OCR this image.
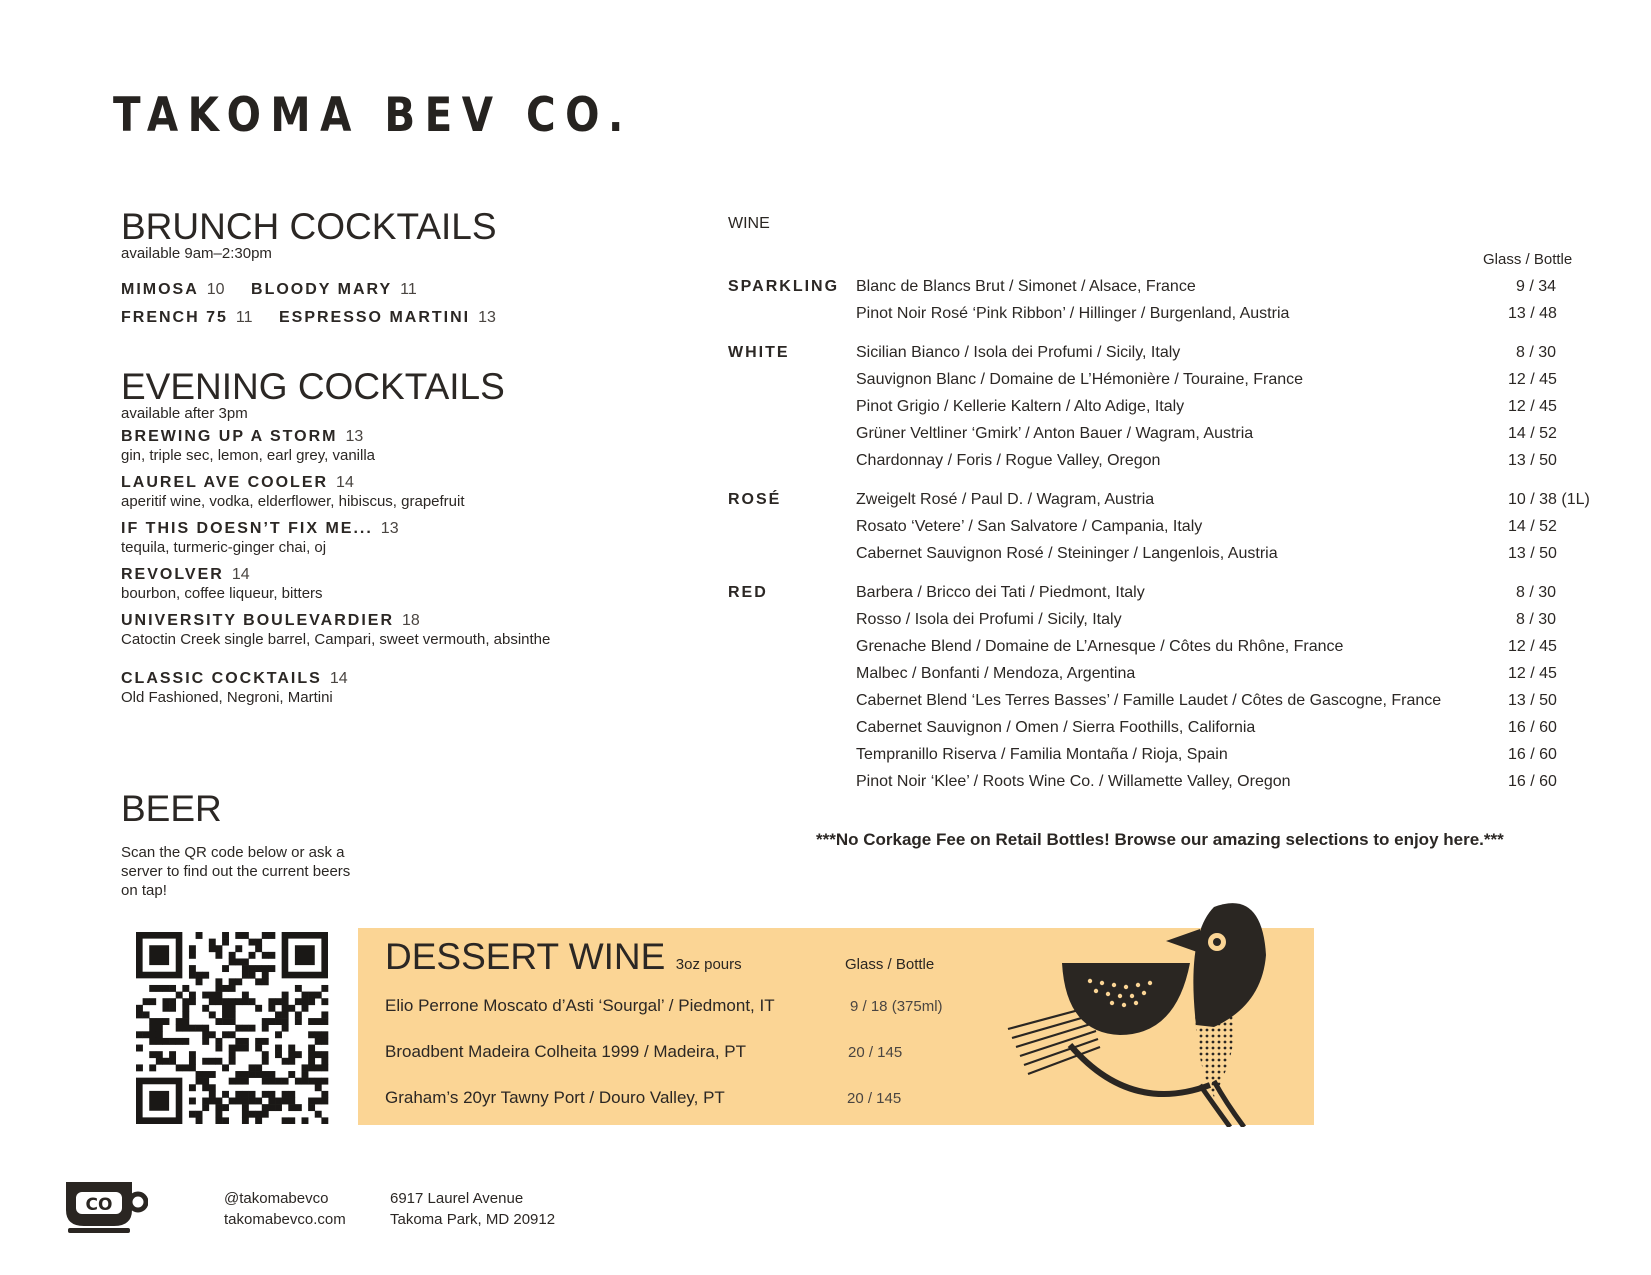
TAKOMA BEV CO.
BRUNCH COCKTAILS
available 9am–2:30pm
MIMOSA 10 BLOODY MARY 11
FRENCH 75 11 ESPRESSO MARTINI 13
EVENING COCKTAILS
available after 3pm
BREWING UP A STORM 13
gin, triple sec, lemon, earl grey, vanilla
LAUREL AVE COOLER 14
aperitif wine, vodka, elderflower, hibiscus, grapefruit
IF THIS DOESN’T FIX ME... 13
tequila, turmeric-ginger chai, oj
REVOLVER 14
bourbon, coffee liqueur, bitters
UNIVERSITY BOULEVARDIER 18
Catoctin Creek single barrel, Campari, sweet vermouth, absinthe
CLASSIC COCKTAILS 14
Old Fashioned, Negroni, Martini
BEER
Scan the QR code below or ask a server to find out the current beers on tap!
WINE
Glass / Bottle
SPARKLING Blanc de Blancs Brut / Simonet / Alsace, France	9 / 34
Pinot Noir Rosé ‘Pink Ribbon’ / Hillinger / Burgenland, Austria	13 / 48
WHITE	Sicilian Bianco / Isola dei Profumi / Sicily, Italy	8 / 30
Sauvignon Blanc / Domaine de L’Hémonière / Touraine, France	12 / 45
Pinot Grigio / Kellerie Kaltern / Alto Adige, Italy	12 / 45
Grüner Veltliner ‘Gmirk’ / Anton Bauer / Wagram, Austria	14 / 52
Chardonnay / Foris / Rogue Valley, Oregon	13 / 50
ROSÉ	Zweigelt Rosé / Paul D. / Wagram, Austria	10 / 38 (1L)
Rosato ‘Vetere’ / San Salvatore / Campania, Italy	14 / 52
Cabernet Sauvignon Rosé / Steininger / Langenlois, Austria	13 / 50
RED	Barbera / Bricco dei Tati / Piedmont, Italy	8 / 30
Rosso / Isola dei Profumi / Sicily, Italy	8 / 30
Grenache Blend / Domaine de L’Arnesque / Côtes du Rhône, France	12 / 45
Malbec / Bonfanti / Mendoza, Argentina	12 / 45
Cabernet Blend ‘Les Terres Basses’ / Famille Laudet / Côtes de Gascogne, France	13 / 50
Cabernet Sauvignon / Omen / Sierra Foothills, California	16 / 60
Tempranillo Riserva / Familia Montaña / Rioja, Spain	16 / 60
Pinot Noir ‘Klee’ / Roots Wine Co. / Willamette Valley, Oregon	16 / 60
***No Corkage Fee on Retail Bottles! Browse our amazing selections to enjoy here.***
DESSERT WINE 3oz pours	Glass / Bottle
Elio Perrone Moscato d’Asti ‘Sourgal’ / Piedmont, IT	9 / 18 (375ml)
Broadbent Madeira Colheita 1999 / Madeira, PT	20 / 145
Graham’s 20yr Tawny Port / Douro Valley, PT	20 / 145
CO	@takomabevco
takomabevco.com
6917 Laurel Avenue
Takoma Park, MD 20912
